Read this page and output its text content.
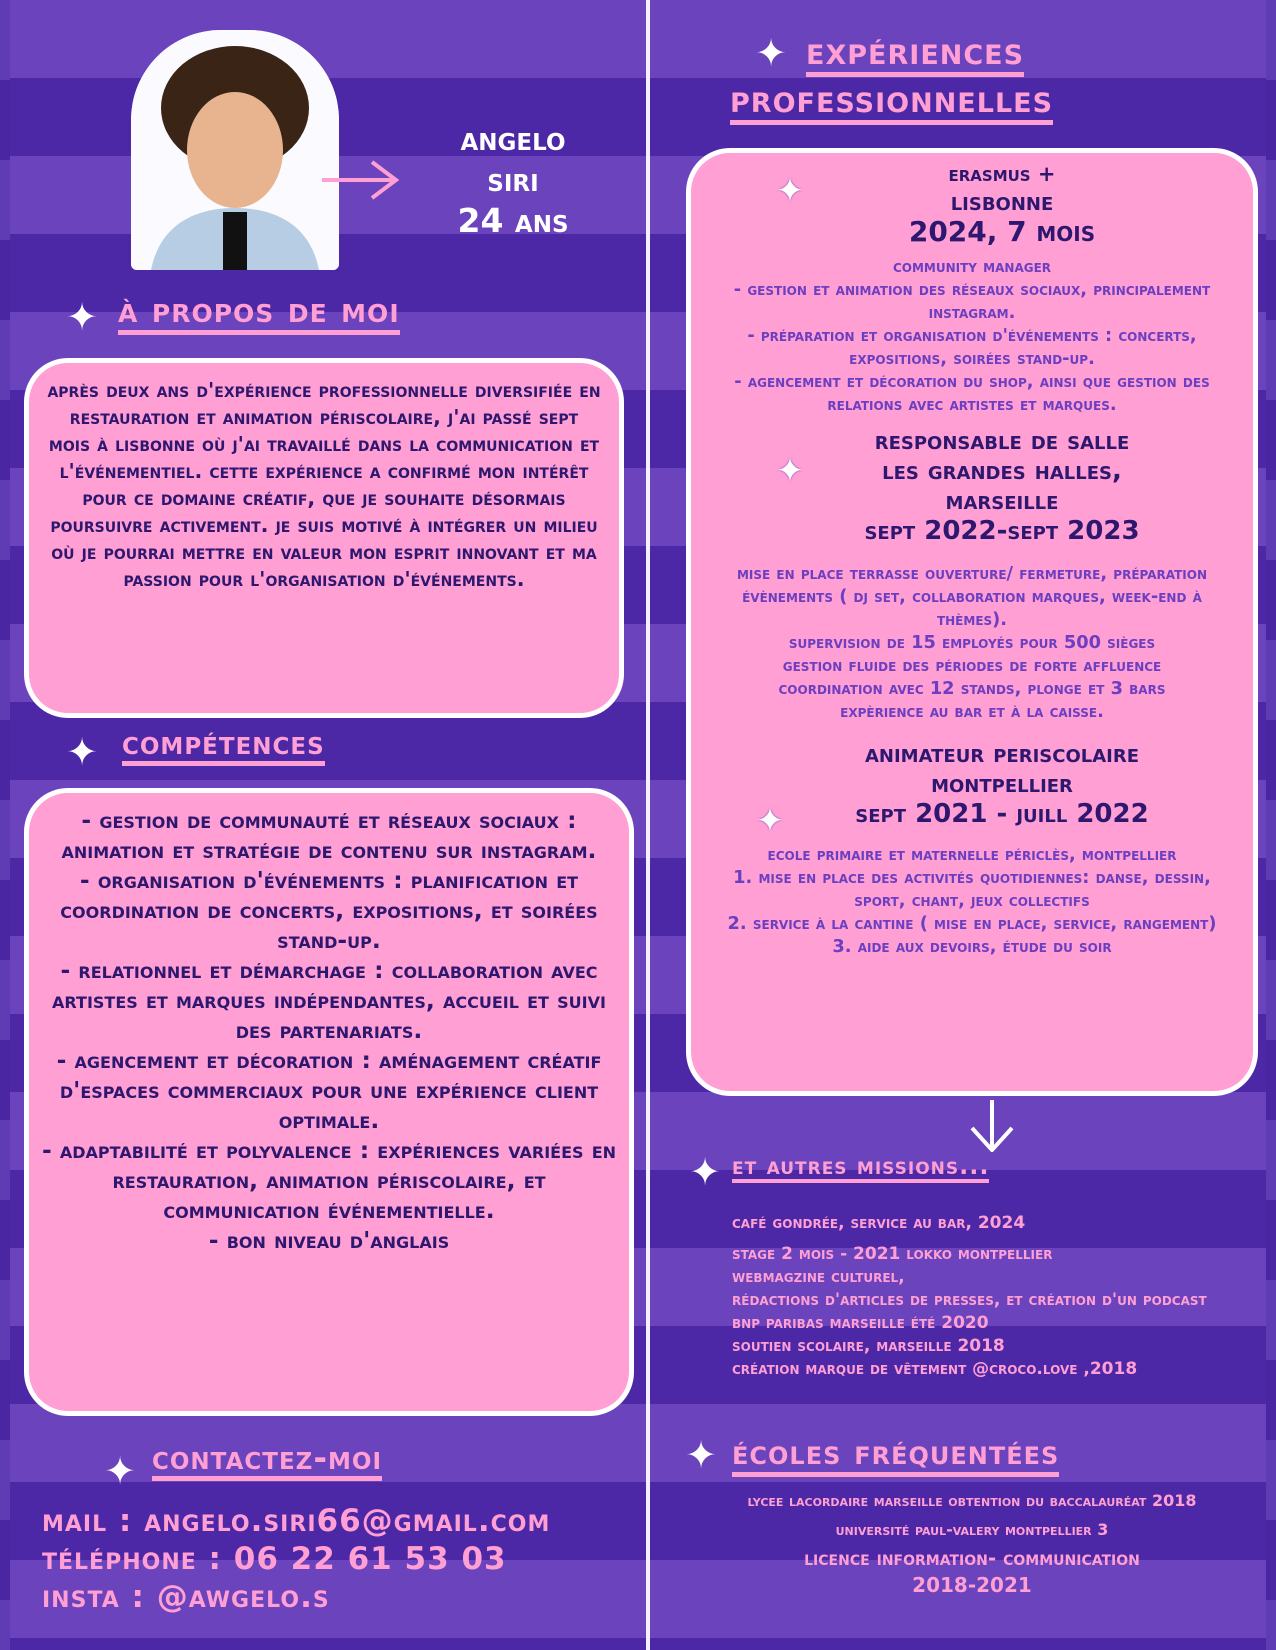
angelo
siri
24 ans
✦ à propos de moi

après deux ans d'expérience professionnelle diversifiée en restauration et animation périscolaire, j'ai passé sept mois à lisbonne où j'ai travaillé dans la communication et l'événementiel. cette expérience a confirmé mon intérêt pour ce domaine créatif, que je souhaite désormais poursuivre activement. je suis motivé à intégrer un milieu où je pourrai mettre en valeur mon esprit innovant et ma passion pour l'organisation d'événements.

✦ compétences

- gestion de communauté et réseaux sociaux : animation et stratégie de contenu sur instagram.

- organisation d'événements : planification et coordination de concerts, expositions, et soirées stand-up.

- relationnel et démarchage : collaboration avec artistes et marques indépendantes, accueil et suivi des partenariats.

- agencement et décoration : aménagement créatif d'espaces commerciaux pour une expérience client optimale.

- adaptabilité et polyvalence : expériences variées en restauration, animation périscolaire, et communication événementielle.

- bon niveau d'anglais

✦ contactez-moi
mail : angelo.siri66@gmail.com
téléphone : 06 22 61 53 03
insta : @awgelo.s
✦ expériences
professionnelles
erasmus +
lisbonne
2024, 7 mois
community manager
- gestion et animation des réseaux sociaux, principalement instagram.
- préparation et organisation d'événements : concerts, expositions, soirées stand-up.
- agencement et décoration du shop, ainsi que gestion des relations avec artistes et marques.
responsable de salle
les grandes halles,
marseille
sept 2022-sept 2023
mise en place terrasse ouverture/ fermeture, préparation évènements ( dj set, collaboration marques, week-end à thèmes).
supervision de 15 employés pour 500 sièges
gestion fluide des périodes de forte affluence
coordination avec 12 stands, plonge et 3 bars
expèrience au bar et à la caisse.
animateur periscolaire
montpellier
sept 2021 - juill 2022
ecole primaire et maternelle périclès, montpellier
1. mise en place des activités quotidiennes: danse, dessin, sport, chant, jeux collectifs
2. service à la cantine ( mise en place, service, rangement)
3. aide aux devoirs, étude du soir
✦
✦
✦
✦ et autres missions...
café gondrée, service au bar, 2024
stage 2 mois - 2021 lokko montpellier
webmagzine culturel,
rédactions d'articles de presses, et création d'un podcast
bnp paribas marseille été 2020
soutien scolaire, marseille 2018
création marque de vêtement @croco.love ,2018
✦ écoles fréquentées
lycee lacordaire marseille obtention du baccalauréat 2018
université paul-valery montpellier 3
licence information- communication
2018-2021
